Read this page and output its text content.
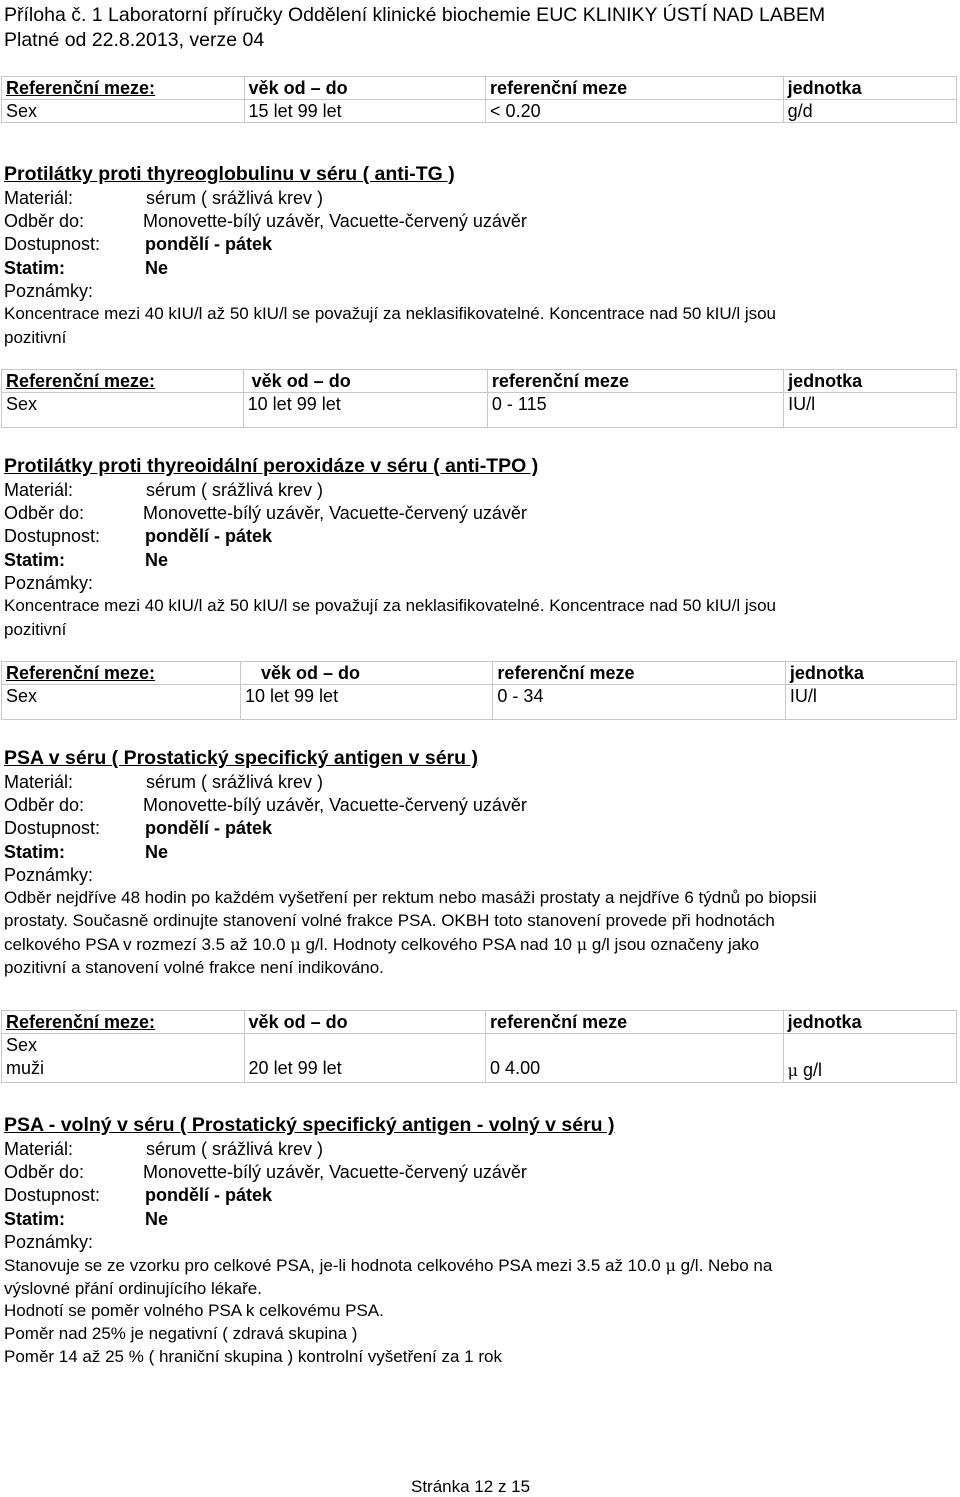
Příloha č. 1 Laboratorní příručky Oddělení klinické biochemie EUC KLINIKY ÚSTÍ NAD LABEM
Platné od 22.8.2013, verze 04
Referenční meze:	věk od – do	referenční meze	jednotka
Sex	15 let 99 let	< 0.20	g/d
Protilátky proti thyreoglobulinu v séru ( anti-TG )
Materiál:	sérum ( srážlivá krev )
Odběr do:	Monovette-bílý uzávěr, Vacuette-červený uzávěr
Dostupnost: pondělí - pátek
Statim:	Ne
Poznámky:
Koncentrace mezi 40 kIU/l až 50 kIU/l se považují za neklasifikovatelné. Koncentrace nad 50 kIU/l jsou
pozitivní
Referenční meze:	věk od – do	referenční meze	jednotka
Sex	10 let 99 let	0 - 115	IU/l
Protilátky proti thyreoidální peroxidáze v séru ( anti-TPO )
Materiál:	sérum ( srážlivá krev )
Odběr do:	Monovette-bílý uzávěr, Vacuette-červený uzávěr
Dostupnost: pondělí - pátek
Statim:	Ne
Poznámky:
Koncentrace mezi 40 kIU/l až 50 kIU/l se považují za neklasifikovatelné. Koncentrace nad 50 kIU/l jsou
pozitivní
Referenční meze:	věk od – do	referenční meze	jednotka
Sex	10 let 99 let	0 - 34	IU/l
PSA v séru ( Prostatický specifický antigen v séru )
Materiál:	sérum ( srážlivá krev )
Odběr do:	Monovette-bílý uzávěr, Vacuette-červený uzávěr
Dostupnost: pondělí - pátek
Statim:	Ne
Poznámky:
Odběr nejdříve 48 hodin po každém vyšetření per rektum nebo masáži prostaty a nejdříve 6 týdnů po biopsii
prostaty. Současně ordinujte stanovení volné frakce PSA. OKBH toto stanovení provede při hodnotách
celkového PSA v rozmezí 3.5 až 10.0 μ g/l. Hodnoty celkového PSA nad 10 μ g/l jsou označeny jako
pozitivní a stanovení volné frakce není indikováno.
Referenční meze:	věk od – do	referenční meze	jednotka

Sex
muži	20 let 99 let	0 4.00	μ g/l
PSA - volný v séru ( Prostatický specifický antigen - volný v séru )
Materiál:	sérum ( srážlivá krev )
Odběr do:	Monovette-bílý uzávěr, Vacuette-červený uzávěr
Dostupnost: pondělí - pátek
Statim:	Ne
Poznámky:
Stanovuje se ze vzorku pro celkové PSA, je-li hodnota celkového PSA mezi 3.5 až 10.0 μ g/l. Nebo na
výslovné přání ordinujícího lékaře.
Hodnotí se poměr volného PSA k celkovému PSA.
Poměr nad 25% je negativní ( zdravá skupina )
Poměr 14 až 25 % ( hraniční skupina ) kontrolní vyšetření za 1 rok
Stránka 12 z 15
